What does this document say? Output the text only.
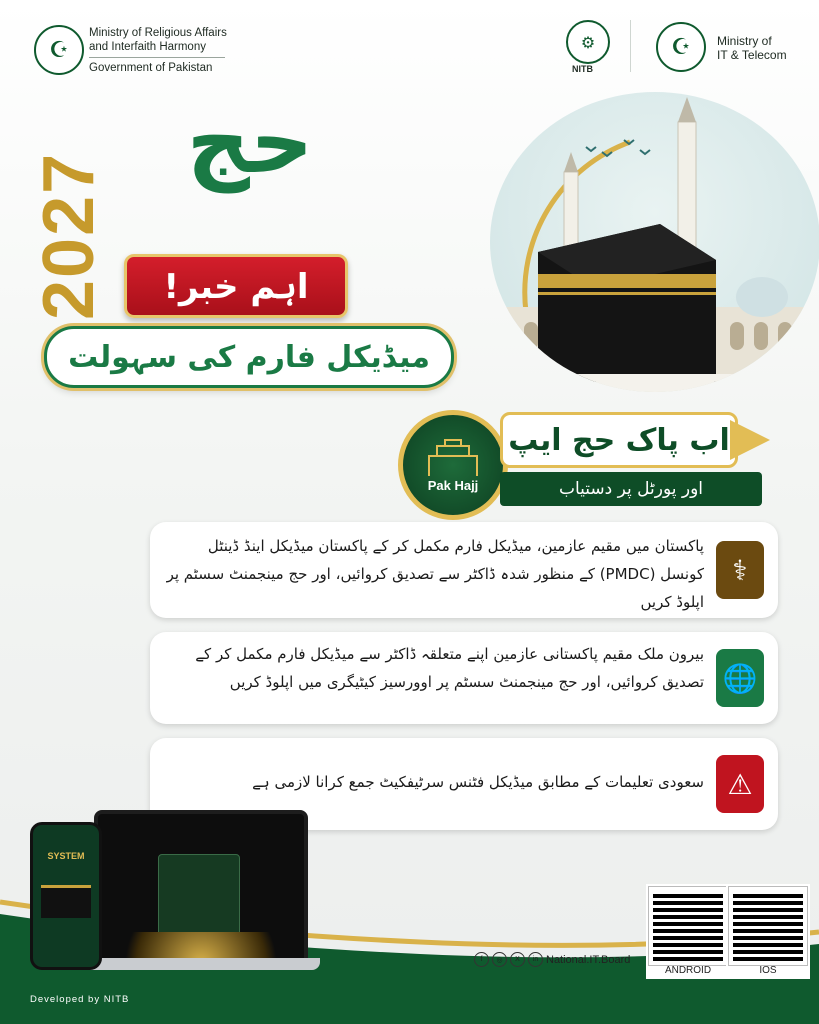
☪
Ministry of Religious Affairs
and Interfaith Harmony
Government of Pakistan
⚙
NITB
☪	Ministry of
IT & Telecom
2027
حج
اہم خبر!
میڈیکل فارم کی سہولت
Pak Hajj
اب پاک حج ایپ
اور پورٹل پر دستیاب
⚕
پاکستان میں مقیم عازمین، میڈیکل فارم مکمل کر کے پاکستان میڈیکل اینڈ ڈینٹل کونسل (PMDC) کے منظور شدہ ڈاکٹر سے تصدیق کروائیں، اور حج مینجمنٹ سسٹم پر اپلوڈ کریں
🌐
بیرون ملک مقیم پاکستانی عازمین اپنے متعلقہ ڈاکٹر سے میڈیکل فارم مکمل کر کے تصدیق کروائیں، اور حج مینجمنٹ سسٹم پر اوورسیز کیٹیگری میں اپلوڈ کریں
⚠
سعودی تعلیمات کے مطابق میڈیکل فٹنس سرٹیفکیٹ جمع کرانا لازمی ہے
SYSTEM
f	◎	X	in National.IT.Board
ANDROID	IOS
Developed by NITB
